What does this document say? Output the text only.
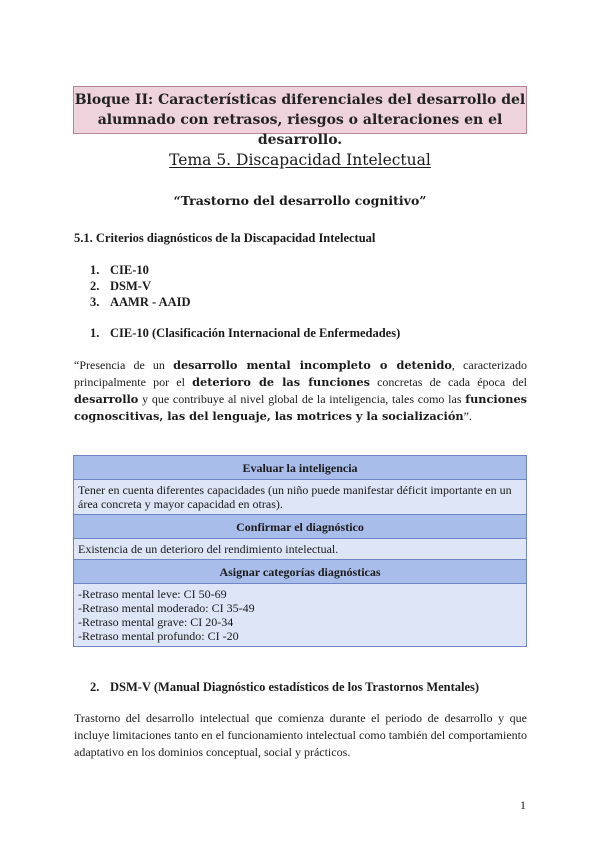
Bloque II: Características diferenciales del desarrollo del
alumnado con retrasos, riesgos o alteraciones en el desarrollo.
Tema 5. Discapacidad Intelectual
“Trastorno del desarrollo cognitivo”
5.1. Criterios diagnósticos de la Discapacidad Intelectual
1. CIE-10
2. DSM-V
3. AAMR - AAID
1. CIE-10 (Clasificación Internacional de Enfermedades)
“Presencia de un desarrollo mental incompleto o detenido, caracterizado principalmente por el deterioro de las funciones concretas de cada época del desarrollo y que contribuye al nivel global de la inteligencia, tales como las funciones cognoscitivas, las del lenguaje, las motrices y la socialización”.
Evaluar la inteligencia
Tener en cuenta diferentes capacidades (un niño puede manifestar déficit importante en un área concreta y mayor capacidad en otras).
Confirmar el diagnóstico
Existencia de un deterioro del rendimiento intelectual.
Asignar categorías diagnósticas
-Retraso mental leve: CI 50-69
-Retraso mental moderado: CI 35-49
-Retraso mental grave: CI 20-34
-Retraso mental profundo: CI -20
2. DSM-V (Manual Diagnóstico estadísticos de los Trastornos Mentales)
Trastorno del desarrollo intelectual que comienza durante el periodo de desarrollo y que incluye limitaciones tanto en el funcionamiento intelectual como también del comportamiento adaptativo en los dominios conceptual, social y prácticos.
1
